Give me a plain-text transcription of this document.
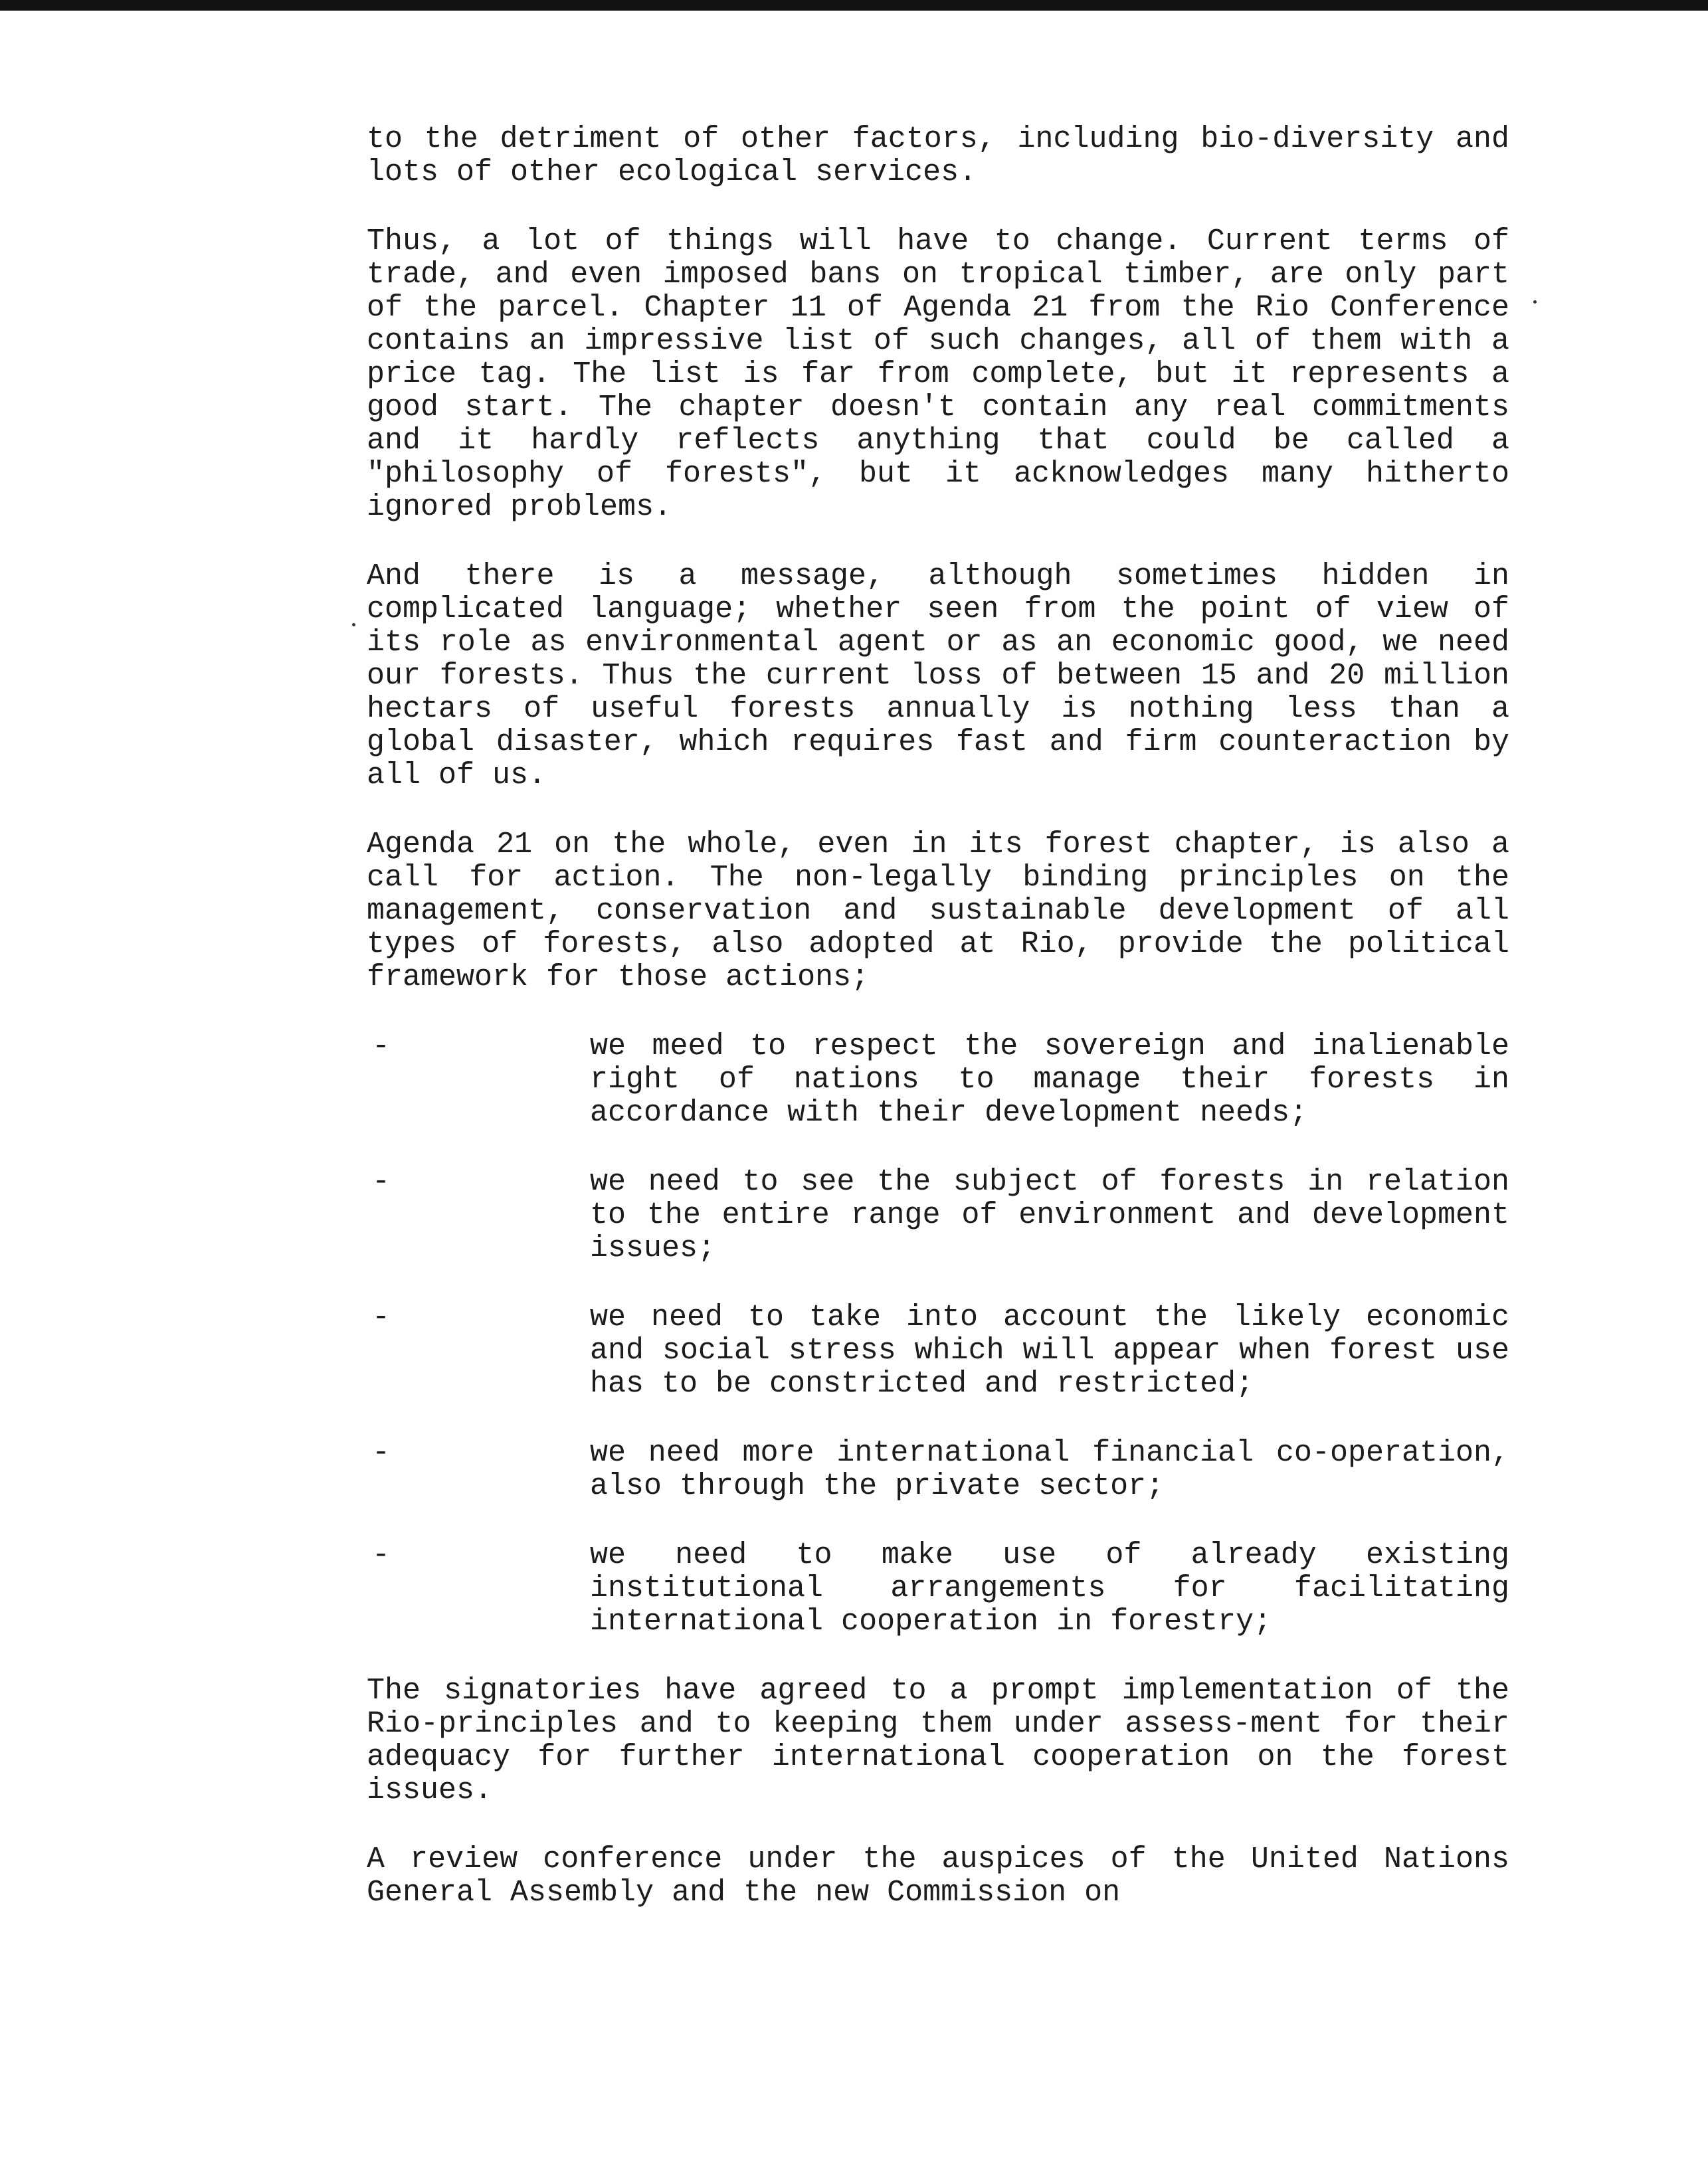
to the detriment of other factors, including bio-diversity and lots of other ecological services.

Thus, a lot of things will have to change. Current terms of trade, and even imposed bans on tropical timber, are only part of the parcel. Chapter 11 of Agenda 21 from the Rio Conference contains an impressive list of such changes, all of them with a price tag. The list is far from complete, but it represents a good start. The chapter doesn't contain any real commitments and it hardly reflects anything that could be called a "philosophy of forests", but it acknowledges many hitherto ignored problems.

And there is a message, although sometimes hidden in complicated language; whether seen from the point of view of its role as environmental agent or as an economic good, we need our forests. Thus the current loss of between 15 and 20 million hectars of useful forests annually is nothing less than a global disaster, which requires fast and firm counteraction by all of us.

Agenda 21 on the whole, even in its forest chapter, is also a call for action. The non-legally binding principles on the management, conservation and sustainable development of all types of forests, also adopted at Rio, provide the political framework for those actions;

-	we meed to respect the sovereign and inalienable right of nations to manage their forests in accordance with their development needs;
-	we need to see the subject of forests in relation to the entire range of environment and development issues;
-	we need to take into account the likely economic and social stress which will appear when forest use has to be constricted and restricted;
-	we need more international financial co-operation, also through the private sector;
-	we need to make use of already existing institutional arrangements for facilitating international cooperation in forestry;

The signatories have agreed to a prompt implementation of the Rio-principles and to keeping them under assess-ment for their adequacy for further international cooperation on the forest issues.

A review conference under the auspices of the United Nations General Assembly and the new Commission on
